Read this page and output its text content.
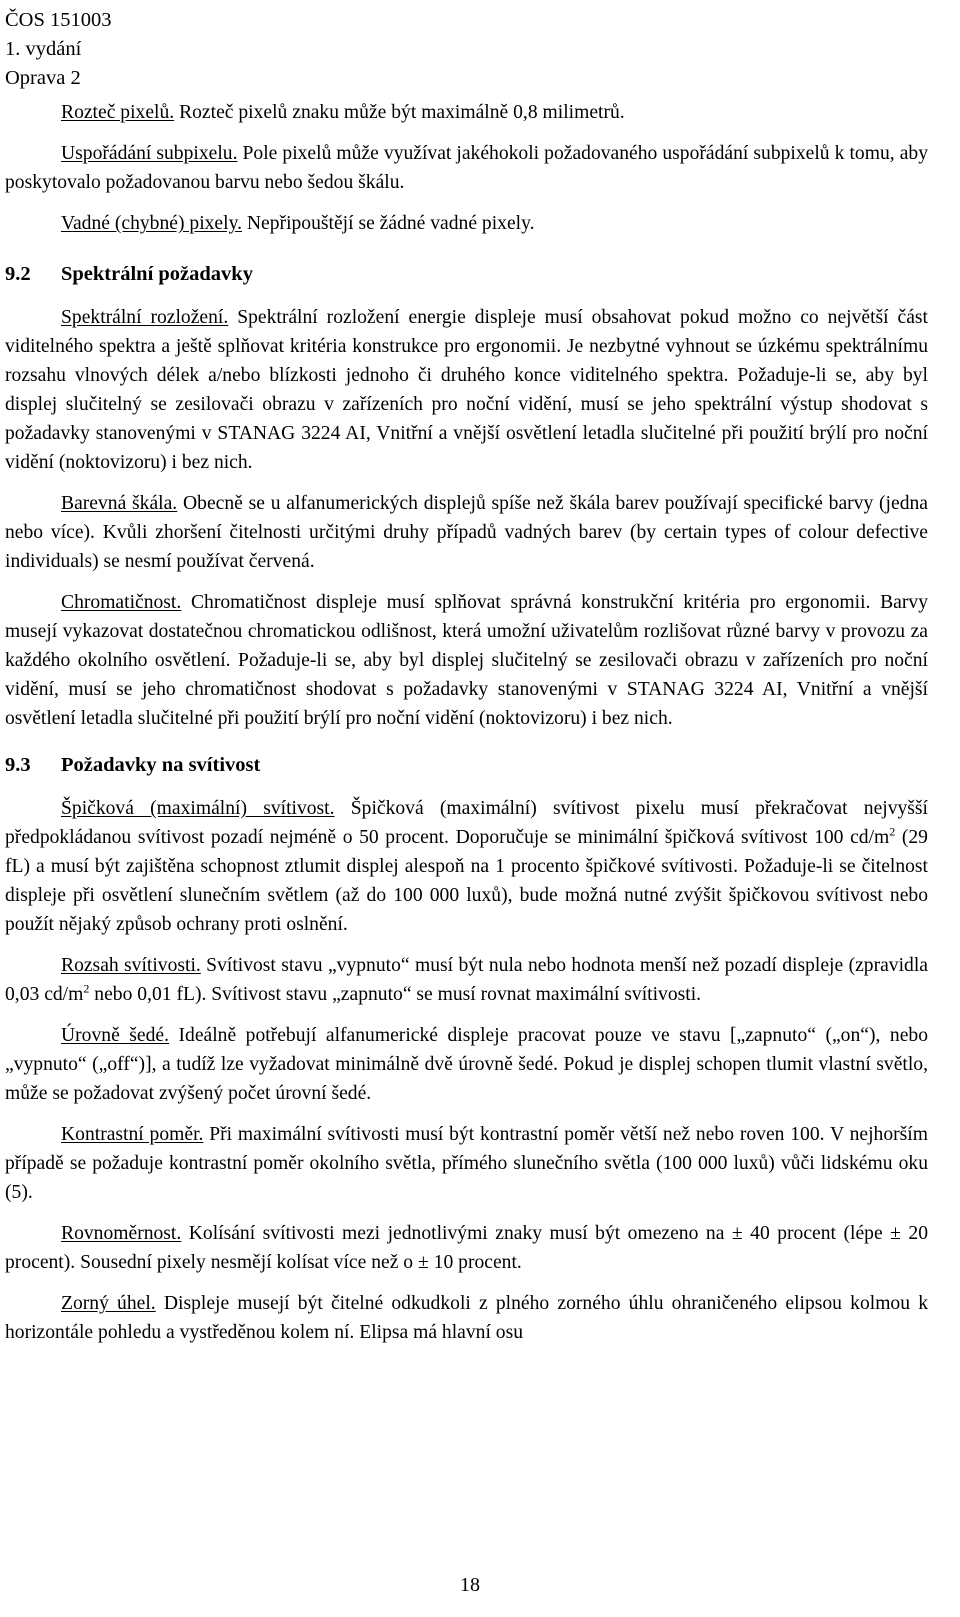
ČOS 151003
1. vydání
Oprava 2

Rozteč pixelů. Rozteč pixelů znaku může být maximálně 0,8 milimetrů.

Uspořádání subpixelu. Pole pixelů může využívat jakéhokoli požadovaného uspořádání subpixelů k tomu, aby poskytovalo požadovanou barvu nebo šedou škálu.

Vadné (chybné) pixely. Nepřipouštějí se žádné vadné pixely.

9.2 Spektrální požadavky

Spektrální rozložení. Spektrální rozložení energie displeje musí obsahovat pokud možno co největší část viditelného spektra a ještě splňovat kritéria konstrukce pro ergonomii. Je nezbytné vyhnout se úzkému spektrálnímu rozsahu vlnových délek a/nebo blízkosti jednoho či druhého konce viditelného spektra. Požaduje-li se, aby byl displej slučitelný se zesilovači obrazu v zařízeních pro noční vidění, musí se jeho spektrální výstup shodovat s požadavky stanovenými v STANAG 3224 AI, Vnitřní a vnější osvětlení letadla slučitelné při použití brýlí pro noční vidění (noktovizoru) i bez nich.

Barevná škála. Obecně se u alfanumerických displejů spíše než škála barev používají specifické barvy (jedna nebo více). Kvůli zhoršení čitelnosti určitými druhy případů vadných barev (by certain types of colour defective individuals) se nesmí používat červená.

Chromatičnost. Chromatičnost displeje musí splňovat správná konstrukční kritéria pro ergonomii. Barvy musejí vykazovat dostatečnou chromatickou odlišnost, která umožní uživatelům rozlišovat různé barvy v provozu za každého okolního osvětlení. Požaduje-li se, aby byl displej slučitelný se zesilovači obrazu v zařízeních pro noční vidění, musí se jeho chromatičnost shodovat s požadavky stanovenými v STANAG 3224 AI, Vnitřní a vnější osvětlení letadla slučitelné při použití brýlí pro noční vidění (noktovizoru) i bez nich.

9.3 Požadavky na svítivost

Špičková (maximální) svítivost. Špičková (maximální) svítivost pixelu musí překračovat nejvyšší předpokládanou svítivost pozadí nejméně o 50 procent. Doporučuje se minimální špičková svítivost 100 $cd/m^2$ (29 fL) a musí být zajištěna schopnost ztlumit displej alespoň na 1 procento špičkové svítivosti. Požaduje-li se čitelnost displeje při osvětlení slunečním světlem (až do 100 000 luxů), bude možná nutné zvýšit špičkovou svítivost nebo použít nějaký způsob ochrany proti oslnění.

Rozsah svítivosti. Svítivost stavu „vypnuto“ musí být nula nebo hodnota menší než pozadí displeje (zpravidla 0,03 $cd/m^2$ nebo 0,01 fL). Svítivost stavu „zapnuto“ se musí rovnat maximální svítivosti.

Úrovně šedé. Ideálně potřebují alfanumerické displeje pracovat pouze ve stavu [„zapnuto“ („on“), nebo „vypnuto“ („off“)], a tudíž lze vyžadovat minimálně dvě úrovně šedé. Pokud je displej schopen tlumit vlastní světlo, může se požadovat zvýšený počet úrovní šedé.

Kontrastní poměr. Při maximální svítivosti musí být kontrastní poměr větší než nebo roven 100. V nejhorším případě se požaduje kontrastní poměr okolního světla, přímého slunečního světla (100 000 luxů) vůči lidskému oku (5).

Rovnoměrnost. Kolísání svítivosti mezi jednotlivými znaky musí být omezeno na ± 40 procent (lépe ± 20 procent). Sousední pixely nesmějí kolísat více než o ± 10 procent.

Zorný úhel. Displeje musejí být čitelné odkudkoli z plného zorného úhlu ohraničeného elipsou kolmou k horizontále pohledu a vystředěnou kolem ní. Elipsa má hlavní osu

18
